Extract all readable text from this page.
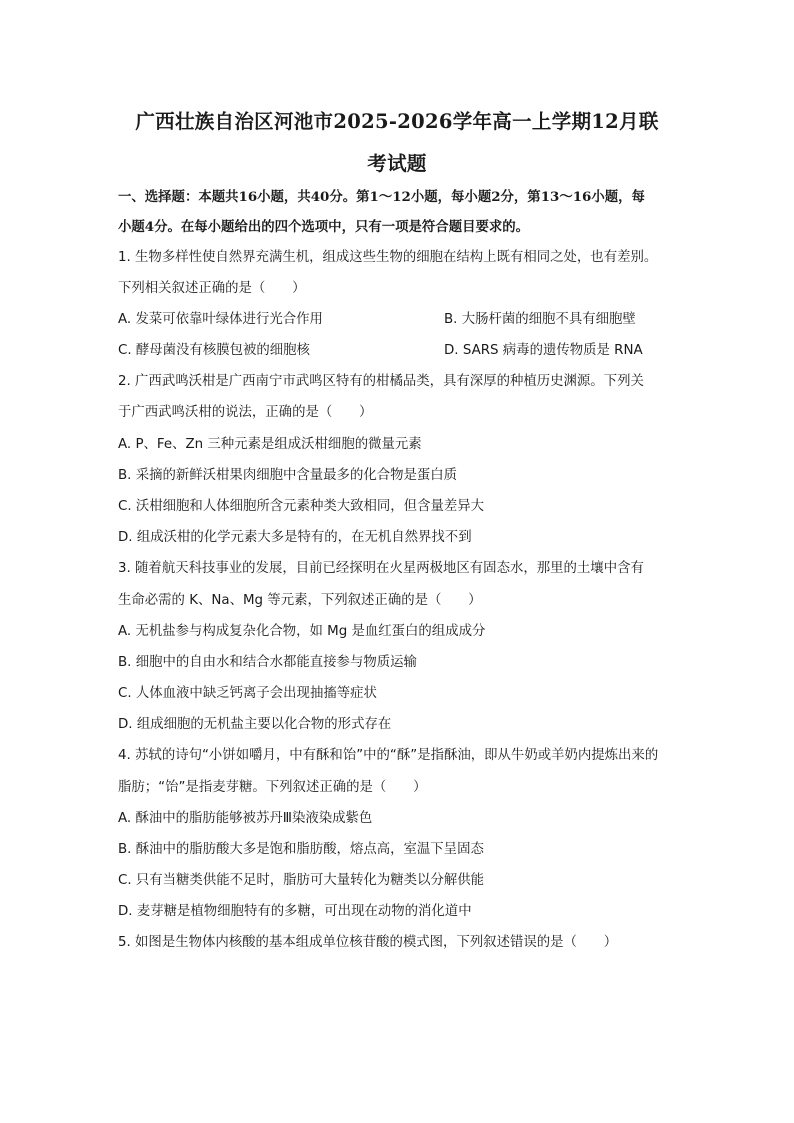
广西壮族自治区河池市2025-2026学年高一上学期12月联
考试题
一、选择题：本题共16小题，共40分。第1～12小题，每小题2分，第13～16小题，每
小题4分。在每小题给出的四个选项中，只有一项是符合题目要求的。
1. 生物多样性使自然界充满生机，组成这些生物的细胞在结构上既有相同之处，也有差别。
下列相关叙述正确的是（　　）
A. 发菜可依靠叶绿体进行光合作用	B. 大肠杆菌的细胞不具有细胞壁
C. 酵母菌没有核膜包被的细胞核	D. SARS 病毒的遗传物质是 RNA
2. 广西武鸣沃柑是广西南宁市武鸣区特有的柑橘品类，具有深厚的种植历史渊源。下列关
于广西武鸣沃柑的说法，正确的是（　　）
A. P、Fe、Zn 三种元素是组成沃柑细胞的微量元素
B. 采摘的新鲜沃柑果肉细胞中含量最多的化合物是蛋白质
C. 沃柑细胞和人体细胞所含元素种类大致相同，但含量差异大
D. 组成沃柑的化学元素大多是特有的，在无机自然界找不到
3. 随着航天科技事业的发展，目前已经探明在火星两极地区有固态水，那里的土壤中含有
生命必需的 K、Na、Mg 等元素，下列叙述正确的是（　　）
A. 无机盐参与构成复杂化合物，如 Mg 是血红蛋白的组成成分
B. 细胞中的自由水和结合水都能直接参与物质运输
C. 人体血液中缺乏钙离子会出现抽搐等症状
D. 组成细胞的无机盐主要以化合物的形式存在
4. 苏轼的诗句“小饼如嚼月，中有酥和饴”中的“酥”是指酥油，即从牛奶或羊奶内提炼出来的
脂肪；“饴”是指麦芽糖。下列叙述正确的是（　　）
A. 酥油中的脂肪能够被苏丹Ⅲ染液染成紫色
B. 酥油中的脂肪酸大多是饱和脂肪酸，熔点高，室温下呈固态
C. 只有当糖类供能不足时，脂肪可大量转化为糖类以分解供能
D. 麦芽糖是植物细胞特有的多糖，可出现在动物的消化道中
5. 如图是生物体内核酸的基本组成单位核苷酸的模式图，下列叙述错误的是（　　）
